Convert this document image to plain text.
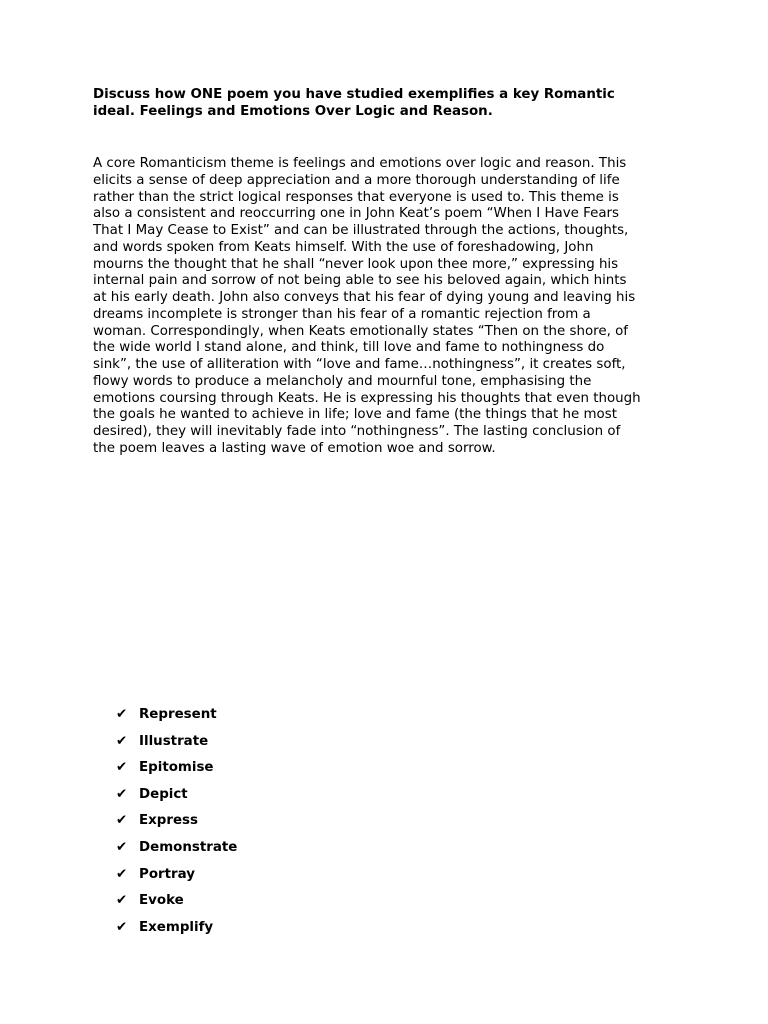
Discuss how ONE poem you have studied exemplifies a key Romantic
ideal. Feelings and Emotions Over Logic and Reason.
A core Romanticism theme is feelings and emotions over logic and reason. This
elicits a sense of deep appreciation and a more thorough understanding of life
rather than the strict logical responses that everyone is used to. This theme is
also a consistent and reoccurring one in John Keat’s poem “When I Have Fears
That I May Cease to Exist” and can be illustrated through the actions, thoughts,
and words spoken from Keats himself. With the use of foreshadowing, John
mourns the thought that he shall “never look upon thee more,” expressing his
internal pain and sorrow of not being able to see his beloved again, which hints
at his early death. John also conveys that his fear of dying young and leaving his
dreams incomplete is stronger than his fear of a romantic rejection from a
woman. Correspondingly, when Keats emotionally states “Then on the shore, of
the wide world I stand alone, and think, till love and fame to nothingness do
sink”, the use of alliteration with “love and fame…nothingness”, it creates soft,
flowy words to produce a melancholy and mournful tone, emphasising the
emotions coursing through Keats. He is expressing his thoughts that even though
the goals he wanted to achieve in life; love and fame (the things that he most
desired), they will inevitably fade into “nothingness”. The lasting conclusion of
the poem leaves a lasting wave of emotion woe and sorrow.
✔ Represent
✔ Illustrate
✔ Epitomise
✔ Depict
✔ Express
✔ Demonstrate
✔ Portray
✔ Evoke
✔ Exemplify
